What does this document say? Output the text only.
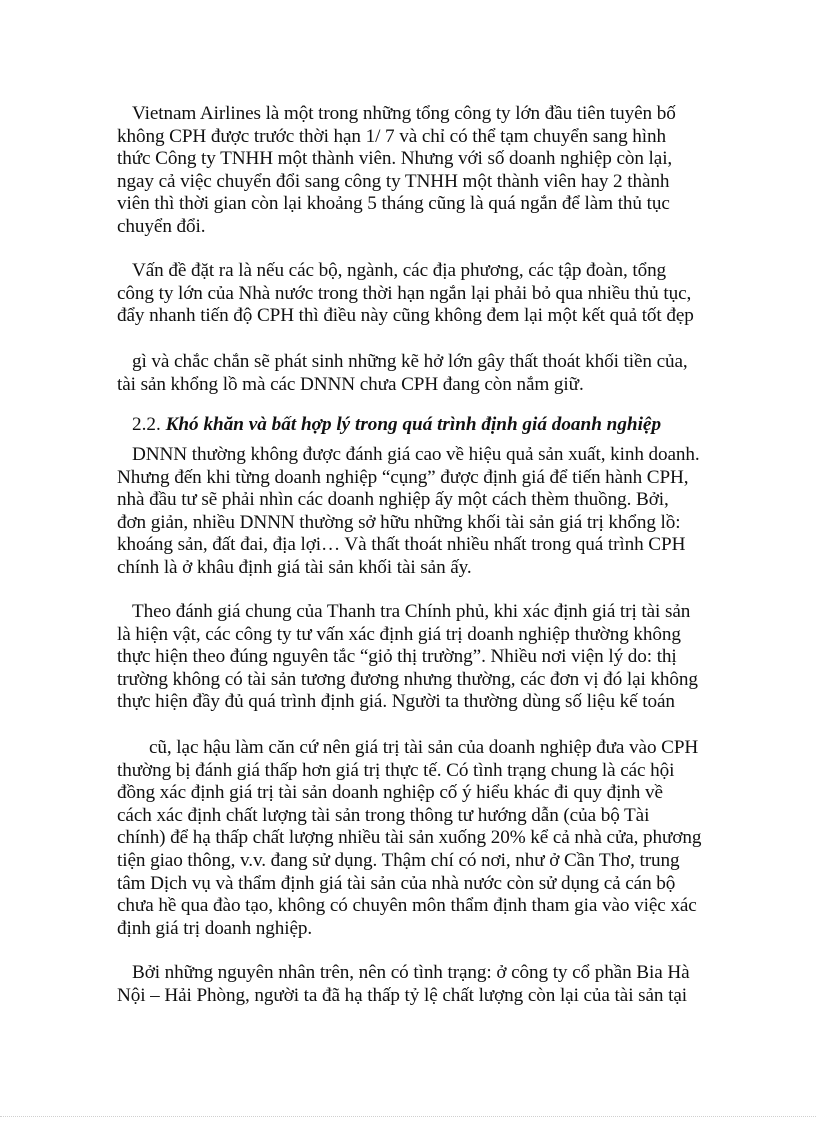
Vietnam Airlines là một trong những tổng công ty lớn đầu tiên tuyên bố
không CPH được trước thời hạn 1/ 7 và chỉ có thể tạm chuyển sang hình
thức Công ty TNHH một thành viên. Nhưng với số doanh nghiệp còn lại,
ngay cả việc chuyển đổi sang công ty TNHH một thành viên hay 2 thành
viên thì thời gian còn lại khoảng 5 tháng cũng là quá ngắn để làm thủ tục
chuyển đổi.
Vấn đề đặt ra là nếu các bộ, ngành, các địa phương, các tập đoàn, tổng
công ty lớn của Nhà nước trong thời hạn ngắn lại phải bỏ qua nhiều thủ tục,
đẩy nhanh tiến độ CPH thì điều này cũng không đem lại một kết quả tốt đẹp
gì và chắc chắn sẽ phát sinh những kẽ hở lớn gây thất thoát khối tiền của,
tài sản khổng lồ mà các DNNN chưa CPH đang còn nắm giữ.
2.2. Khó khăn và bất hợp lý trong quá trình định giá doanh nghiệp
DNNN thường không được đánh giá cao về hiệu quả sản xuất, kinh doanh.
Nhưng đến khi từng doanh nghiệp “cụng” được định giá để tiến hành CPH,
nhà đầu tư sẽ phải nhìn các doanh nghiệp ấy một cách thèm thuồng. Bởi,
đơn giản, nhiều DNNN thường sở hữu những khối tài sản giá trị khổng lồ:
khoáng sản, đất đai, địa lợi… Và thất thoát nhiều nhất trong quá trình CPH
chính là ở khâu định giá tài sản khối tài sản ấy.
Theo đánh giá chung của Thanh tra Chính phủ, khi xác định giá trị tài sản
là hiện vật, các công ty tư vấn xác định giá trị doanh nghiệp thường không
thực hiện theo đúng nguyên tắc “giỏ thị trường”. Nhiều nơi viện lý do: thị
trường không có tài sản tương đương nhưng thường, các đơn vị đó lại không
thực hiện đầy đủ quá trình định giá. Người ta thường dùng số liệu kế toán
cũ, lạc hậu làm căn cứ nên giá trị tài sản của doanh nghiệp đưa vào CPH
thường bị đánh giá thấp hơn giá trị thực tế. Có tình trạng chung là các hội
đồng xác định giá trị tài sản doanh nghiệp cố ý hiểu khác đi quy định về
cách xác định chất lượng tài sản trong thông tư hướng dẫn (của bộ Tài
chính) để hạ thấp chất lượng nhiều tài sản xuống 20% kể cả nhà cửa, phương
tiện giao thông, v.v. đang sử dụng. Thậm chí có nơi, như ở Cần Thơ, trung
tâm Dịch vụ và thẩm định giá tài sản của nhà nước còn sử dụng cả cán bộ
chưa hề qua đào tạo, không có chuyên môn thẩm định tham gia vào việc xác
định giá trị doanh nghiệp.
Bởi những nguyên nhân trên, nên có tình trạng: ở công ty cổ phần Bia Hà
Nội – Hải Phòng, người ta đã hạ thấp tỷ lệ chất lượng còn lại của tài sản tại
